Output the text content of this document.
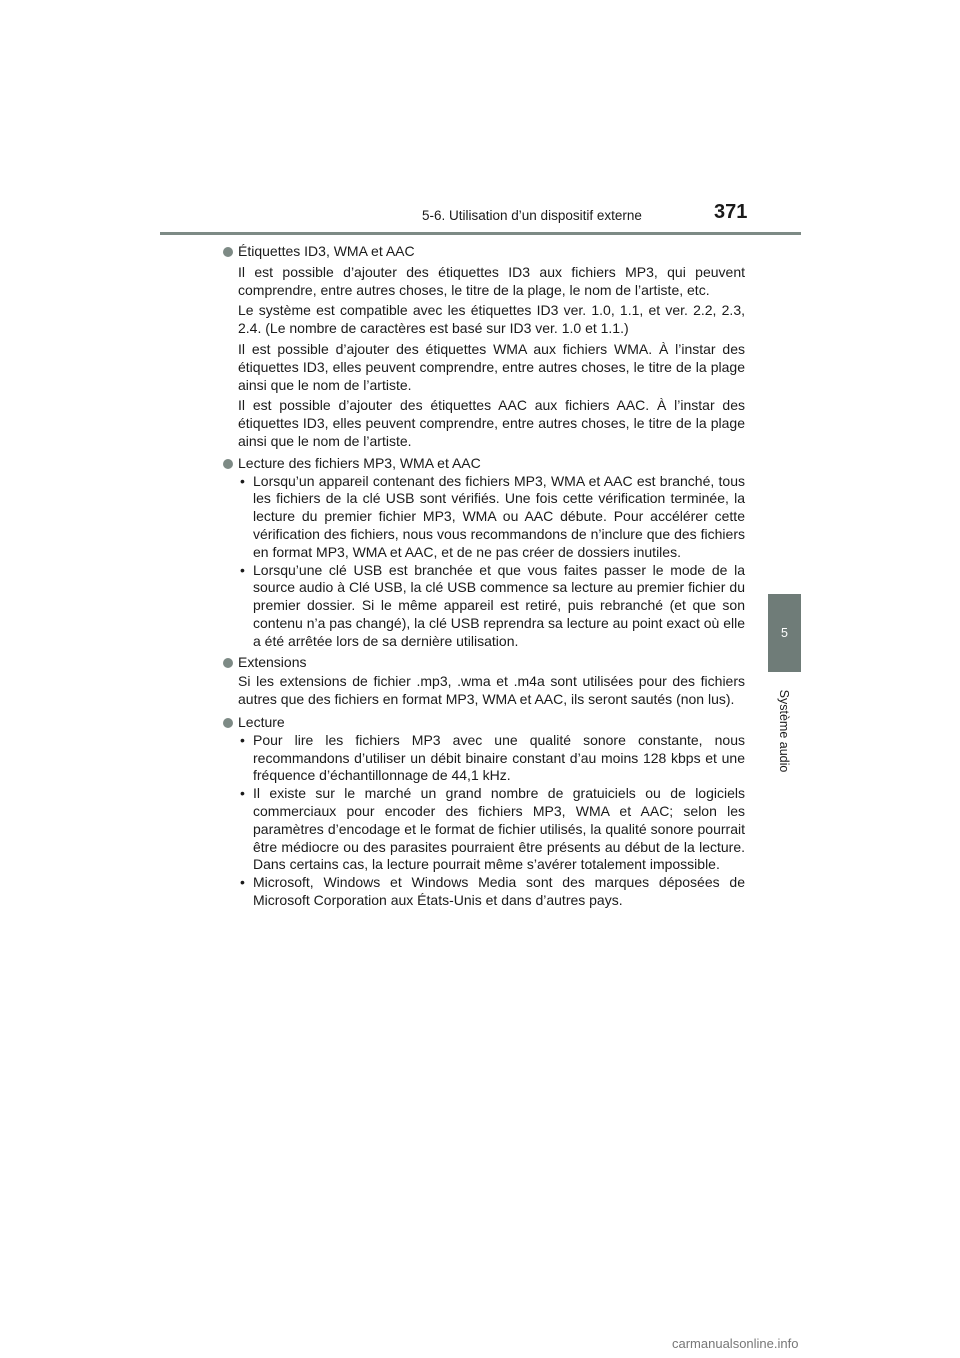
5-6. Utilisation d’un dispositif externe	371
5
Système audio
Étiquettes ID3, WMA et AAC

Il est possible d’ajouter des étiquettes ID3 aux fichiers MP3, qui peuvent comprendre, entre autres choses, le titre de la plage, le nom de l’artiste, etc.

Le système est compatible avec les étiquettes ID3 ver. 1.0, 1.1, et ver. 2.2, 2.3, 2.4. (Le nombre de caractères est basé sur ID3 ver. 1.0 et 1.1.)

Il est possible d’ajouter des étiquettes WMA aux fichiers WMA. À l’instar des étiquettes ID3, elles peuvent comprendre, entre autres choses, le titre de la plage ainsi que le nom de l’artiste.

Il est possible d’ajouter des étiquettes AAC aux fichiers AAC. À l’instar des étiquettes ID3, elles peuvent comprendre, entre autres choses, le titre de la plage ainsi que le nom de l’artiste.

Lecture des fichiers MP3, WMA et AAC
• Lorsqu’un appareil contenant des fichiers MP3, WMA et AAC est branché, tous les fichiers de la clé USB sont vérifiés. Une fois cette vérification terminée, la lecture du premier fichier MP3, WMA ou AAC débute. Pour accélérer cette vérification des fichiers, nous vous recommandons de n’inclure que des fichiers en format MP3, WMA et AAC, et de ne pas créer de dossiers inutiles.
• Lorsqu’une clé USB est branchée et que vous faites passer le mode de la source audio à Clé USB, la clé USB commence sa lecture au premier fichier du premier dossier. Si le même appareil est retiré, puis rebranché (et que son contenu n’a pas changé), la clé USB reprendra sa lecture au point exact où elle a été arrêtée lors de sa dernière utilisation.
Extensions

Si les extensions de fichier .mp3, .wma et .m4a sont utilisées pour des fichiers autres que des fichiers en format MP3, WMA et AAC, ils seront sautés (non lus).

Lecture
• Pour lire les fichiers MP3 avec une qualité sonore constante, nous recommandons d’utiliser un débit binaire constant d’au moins 128 kbps et une fréquence d’échantillonnage de 44,1 kHz.
• Il existe sur le marché un grand nombre de gratuiciels ou de logiciels commerciaux pour encoder des fichiers MP3, WMA et AAC; selon les paramètres d’encodage et le format de fichier utilisés, la qualité sonore pourrait être médiocre ou des parasites pourraient être présents au début de la lecture. Dans certains cas, la lecture pourrait même s’avérer totalement impossible.
• Microsoft, Windows et Windows Media sont des marques déposées de Microsoft Corporation aux États-Unis et dans d’autres pays.
carmanualsonline.info
